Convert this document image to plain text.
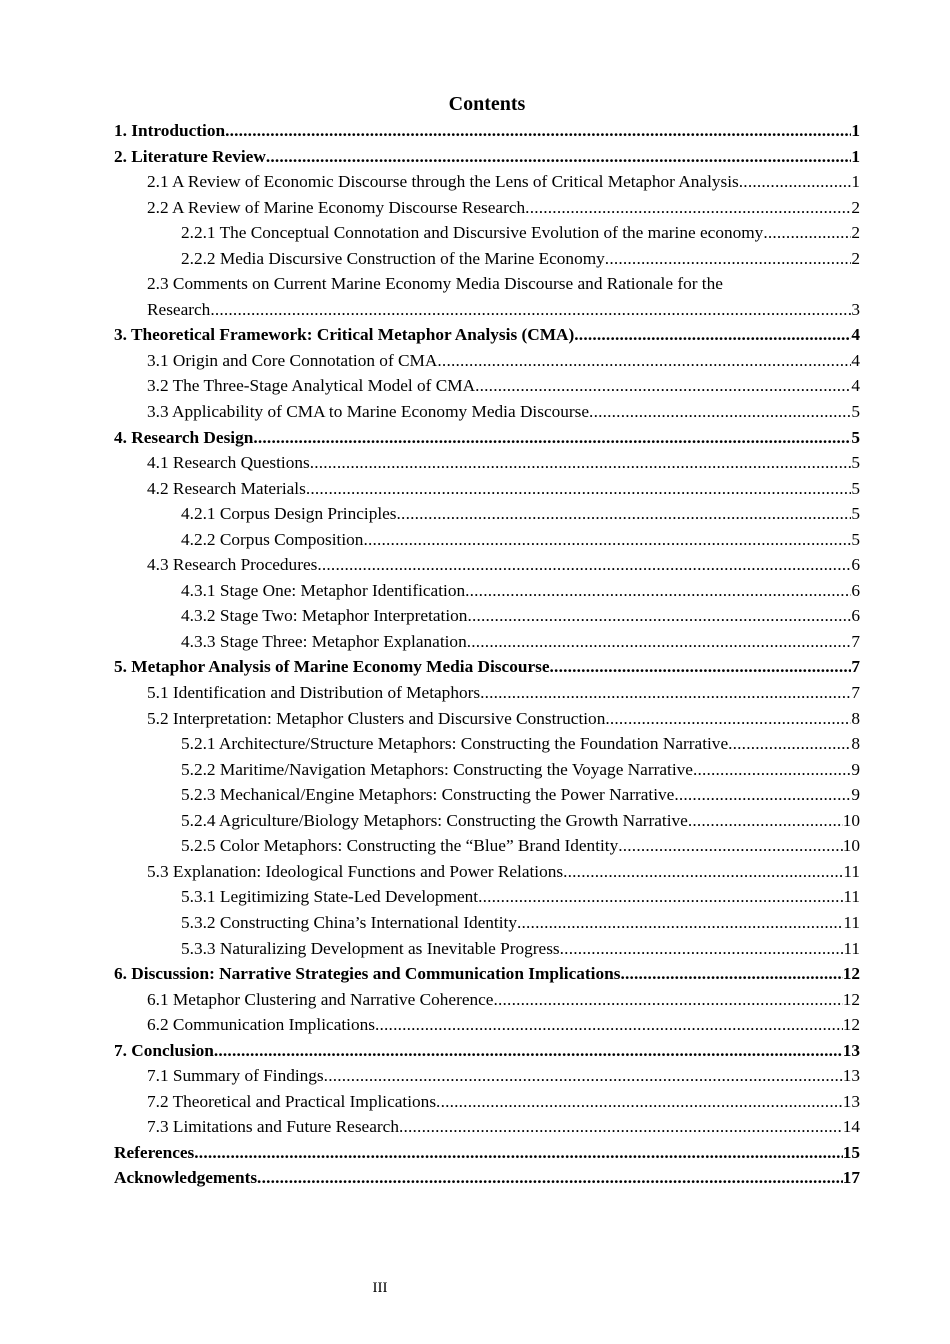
Contents
1. Introduction .....	1
2. Literature Review .....	1
2.1 A Review of Economic Discourse through the Lens of Critical Metaphor Analysis .....	1
2.2 A Review of Marine Economy Discourse Research .....	2
2.2.1 The Conceptual Connotation and Discursive Evolution of the marine economy .....	2
2.2.2 Media Discursive Construction of the Marine Economy .....	2
2.3 Comments on Current Marine Economy Media Discourse and Rationale for the
Research .....	3
3. Theoretical Framework: Critical Metaphor Analysis (CMA) .....	4
3.1 Origin and Core Connotation of CMA .....	4
3.2 The Three-Stage Analytical Model of CMA .....	4
3.3 Applicability of CMA to Marine Economy Media Discourse .....	5
4. Research Design .....	5
4.1 Research Questions .....	5
4.2 Research Materials .....	5
4.2.1 Corpus Design Principles .....	5
4.2.2 Corpus Composition .....	5
4.3 Research Procedures .....	6
4.3.1 Stage One: Metaphor Identification .....	6
4.3.2 Stage Two: Metaphor Interpretation .....	6
4.3.3 Stage Three: Metaphor Explanation .....	7
5. Metaphor Analysis of Marine Economy Media Discourse .....	7
5.1 Identification and Distribution of Metaphors .....	7
5.2 Interpretation: Metaphor Clusters and Discursive Construction .....	8
5.2.1 Architecture/Structure Metaphors: Constructing the Foundation Narrative .....	8
5.2.2 Maritime/Navigation Metaphors: Constructing the Voyage Narrative .....	9
5.2.3 Mechanical/Engine Metaphors: Constructing the Power Narrative .....	9
5.2.4 Agriculture/Biology Metaphors: Constructing the Growth Narrative .....	10
5.2.5 Color Metaphors: Constructing the “Blue” Brand Identity .....	10
5.3 Explanation: Ideological Functions and Power Relations .....	11
5.3.1 Legitimizing State-Led Development .....	11
5.3.2 Constructing China’s International Identity .....	11
5.3.3 Naturalizing Development as Inevitable Progress .....	11
6. Discussion: Narrative Strategies and Communication Implications .....	12
6.1 Metaphor Clustering and Narrative Coherence .....	12
6.2 Communication Implications .....	12
7. Conclusion .....	13
7.1 Summary of Findings .....	13
7.2 Theoretical and Practical Implications .....	13
7.3 Limitations and Future Research .....	14
References .....	15
Acknowledgements .....	17
III
